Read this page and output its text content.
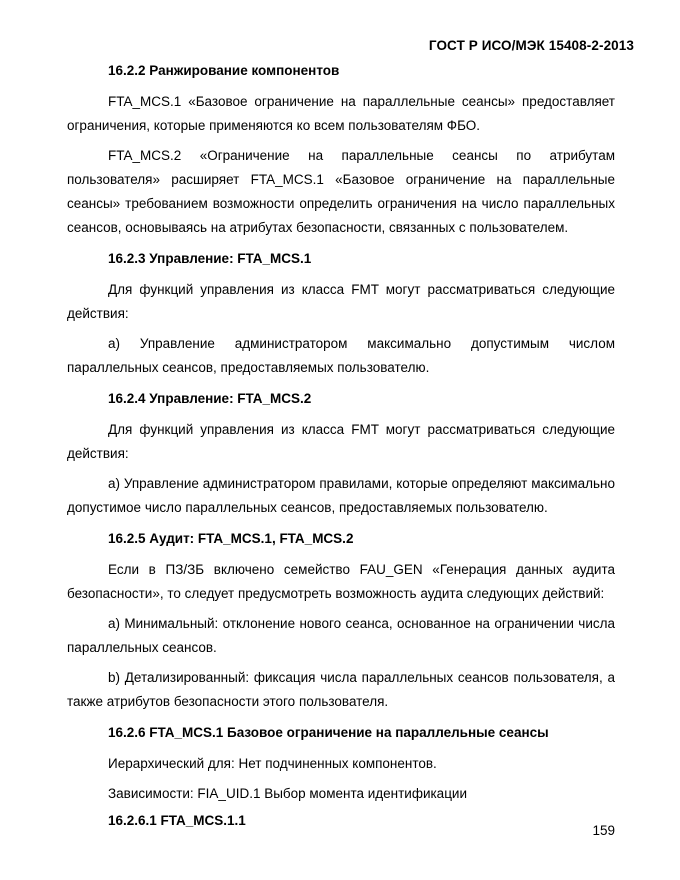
ГОСТ Р ИСО/МЭК 15408-2-2013

16.2.2 Ранжирование компонентов

FTA_MCS.1 «Базовое ограничение на параллельные сеансы» предоставляет ограничения, которые применяются ко всем пользователям ФБО.

FTA_MCS.2 «Ограничение на параллельные сеансы по атрибутам пользователя» расширяет FTA_MCS.1 «Базовое ограничение на параллельные сеансы» требованием возможности определить ограничения на число параллельных сеансов, основываясь на атрибутах безопасности, связанных с пользователем.

16.2.3 Управление: FTA_MCS.1

Для функций управления из класса FMT могут рассматриваться следующие действия:

a) Управление администратором максимально допустимым числом параллельных сеансов, предоставляемых пользователю.

16.2.4 Управление: FTA_MCS.2

Для функций управления из класса FMT могут рассматриваться следующие действия:

a) Управление администратором правилами, которые определяют максимально допустимое число параллельных сеансов, предоставляемых пользователю.

16.2.5 Аудит: FTA_MCS.1, FTA_MCS.2

Если в ПЗ/ЗБ включено семейство FAU_GEN «Генерация данных аудита безопасности», то следует предусмотреть возможность аудита следующих действий:

a) Минимальный: отклонение нового сеанса, основанное на ограничении числа параллельных сеансов.

b) Детализированный: фиксация числа параллельных сеансов пользователя, а также атрибутов безопасности этого пользователя.

16.2.6 FTA_MCS.1 Базовое ограничение на параллельные сеансы

Иерархический для: Нет подчиненных компонентов.

Зависимости: FIA_UID.1 Выбор момента идентификации

16.2.6.1 FTA_MCS.1.1

159
